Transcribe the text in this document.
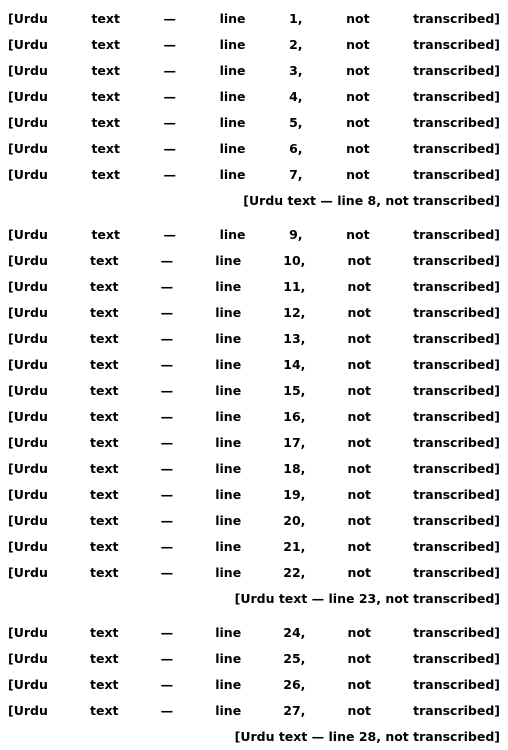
[Urdu text — line 1, not transcribed]
[Urdu text — line 2, not transcribed]
[Urdu text — line 3, not transcribed]
[Urdu text — line 4, not transcribed]
[Urdu text — line 5, not transcribed]
[Urdu text — line 6, not transcribed]
[Urdu text — line 7, not transcribed]
[Urdu text — line 8, not transcribed]
[Urdu text — line 9, not transcribed]
[Urdu text — line 10, not transcribed]
[Urdu text — line 11, not transcribed]
[Urdu text — line 12, not transcribed]
[Urdu text — line 13, not transcribed]
[Urdu text — line 14, not transcribed]
[Urdu text — line 15, not transcribed]
[Urdu text — line 16, not transcribed]
[Urdu text — line 17, not transcribed]
[Urdu text — line 18, not transcribed]
[Urdu text — line 19, not transcribed]
[Urdu text — line 20, not transcribed]
[Urdu text — line 21, not transcribed]
[Urdu text — line 22, not transcribed]
[Urdu text — line 23, not transcribed]
[Urdu text — line 24, not transcribed]
[Urdu text — line 25, not transcribed]
[Urdu text — line 26, not transcribed]
[Urdu text — line 27, not transcribed]
[Urdu text — line 28, not transcribed]
